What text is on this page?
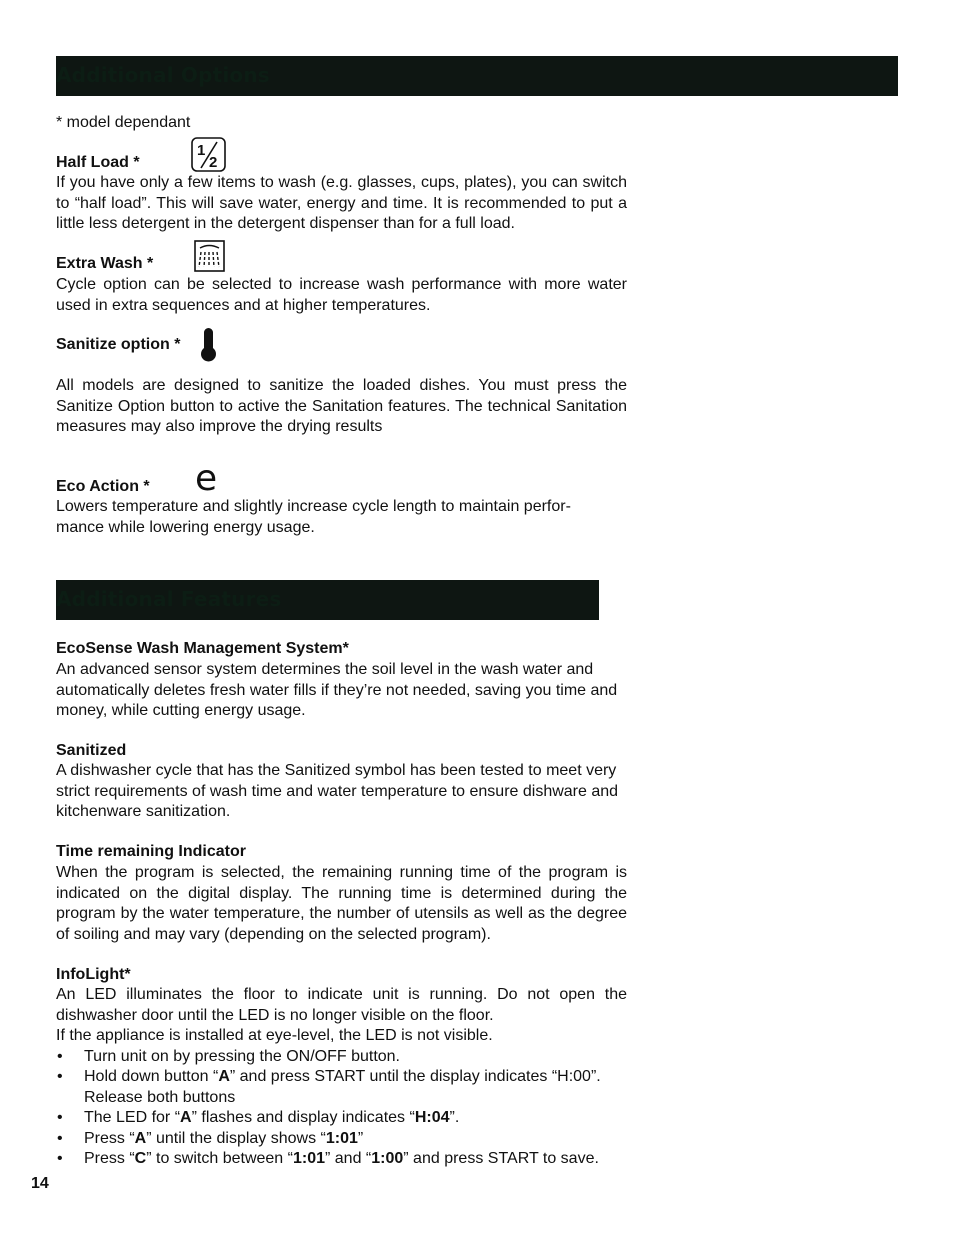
Additional Options

* model dependant

Half Load *

1
2

If you have only a few items to wash (e.g. glasses, cups, plates), you can switch to “half load”. This will save water, energy and time. It is recommended to put a little less detergent in the detergent dispenser than for a full load.

Extra Wash *

Cycle option can be selected to increase wash performance with more water used in extra sequences and at higher temperatures.

Sanitize option *

All models are designed to sanitize the loaded dishes. You must press the Sanitize Option button to active the Sanitation features. The technical Sanitation measures may also improve the drying results

Eco Action * e

Lowers temperature and slightly increase cycle length to maintain perfor-mance while lowering energy usage.

Additional Features

EcoSense Wash Management System*

An advanced sensor system determines the soil level in the wash water and automatically deletes fresh water fills if they’re not needed, saving you time and money, while cutting energy usage.

Sanitized

A dishwasher cycle that has the Sanitized symbol has been tested to meet very strict requirements of wash time and water temperature to ensure dishware and kitchenware sanitization.

Time remaining Indicator

When the program is selected, the remaining running time of the program is indicated on the digital display. The running time is determined during the program by the water temperature, the number of utensils as well as the degree of soiling and may vary (depending on the selected program).

InfoLight*

An LED illuminates the floor to indicate unit is running. Do not open the dishwasher door until the LED is no longer visible on the floor.

If the appliance is installed at eye-level, the LED is not visible.

• Turn unit on by pressing the ON/OFF button.
• Hold down button “A” and press START until the display indicates “H:00”. Release both buttons
• The LED for “A” flashes and display indicates “H:04”.
• Press “A” until the display shows “1:01”
• Press “C” to switch between “1:01” and “1:00” and press START to save.
14
